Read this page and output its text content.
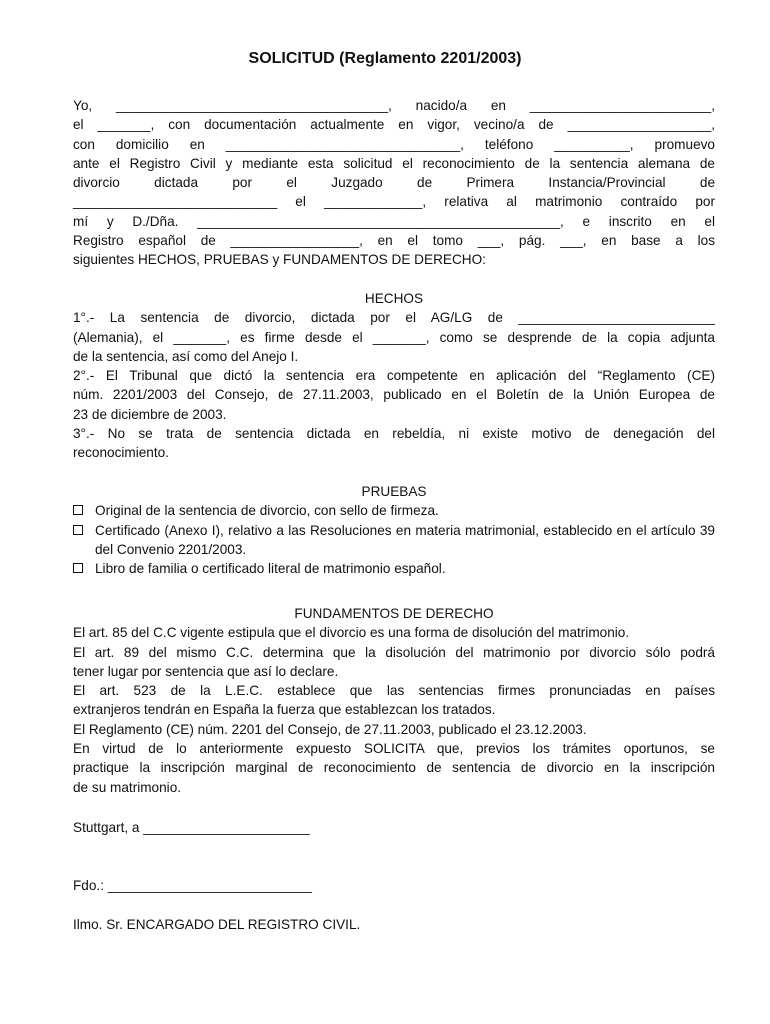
SOLICITUD (Reglamento 2201/2003)
Yo, ____________________________________, nacido/a en ________________________,
el _______, con documentación actualmente en vigor, vecino/a de ___________________,
con domicilio en _______________________________, teléfono __________, promuevo
ante el Registro Civil y mediante esta solicitud el reconocimiento de la sentencia alemana de
divorcio dictada por el Juzgado de Primera Instancia/Provincial de
___________________________ el _____________, relativa al matrimonio contraído por
mí y D./Dña. ________________________________________________, e inscrito en el
Registro español de _________________, en el tomo ___, pág. ___, en base a los
siguientes HECHOS, PRUEBAS y FUNDAMENTOS DE DERECHO:
HECHOS
1°.- La sentencia de divorcio, dictada por el AG/LG de __________________________
(Alemania), el _______, es firme desde el _______, como se desprende de la copia adjunta
de la sentencia, así como del Anejo I.
2°.- El Tribunal que dictó la sentencia era competente en aplicación del “Reglamento (CE)
núm. 2201/2003 del Consejo, de 27.11.2003, publicado en el Boletín de la Unión Europea de
23 de diciembre de 2003.
3°.- No se trata de sentencia dictada en rebeldía, ni existe motivo de denegación del
reconocimiento.
PRUEBAS
Original de la sentencia de divorcio, con sello de firmeza.
Certificado (Anexo I), relativo a las Resoluciones en materia matrimonial, establecido en el artículo 39 del Convenio 2201/2003.
Libro de familia o certificado literal de matrimonio español.
FUNDAMENTOS DE DERECHO
El art. 85 del C.C vigente estipula que el divorcio es una forma de disolución del matrimonio.
El art. 89 del mismo C.C. determina que la disolución del matrimonio por divorcio sólo podrá
tener lugar por sentencia que así lo declare.
El art. 523 de la L.E.C. establece que las sentencias firmes pronunciadas en países
extranjeros tendrán en España la fuerza que establezcan los tratados.
El Reglamento (CE) núm. 2201 del Consejo, de 27.11.2003, publicado el 23.12.2003.
En virtud de lo anteriormente expuesto SOLICITA que, previos los trámites oportunos, se
practique la inscripción marginal de reconocimiento de sentencia de divorcio en la inscripción
de su matrimonio.
Stuttgart, a ______________________
Fdo.: ___________________________
Ilmo. Sr. ENCARGADO DEL REGISTRO CIVIL.
